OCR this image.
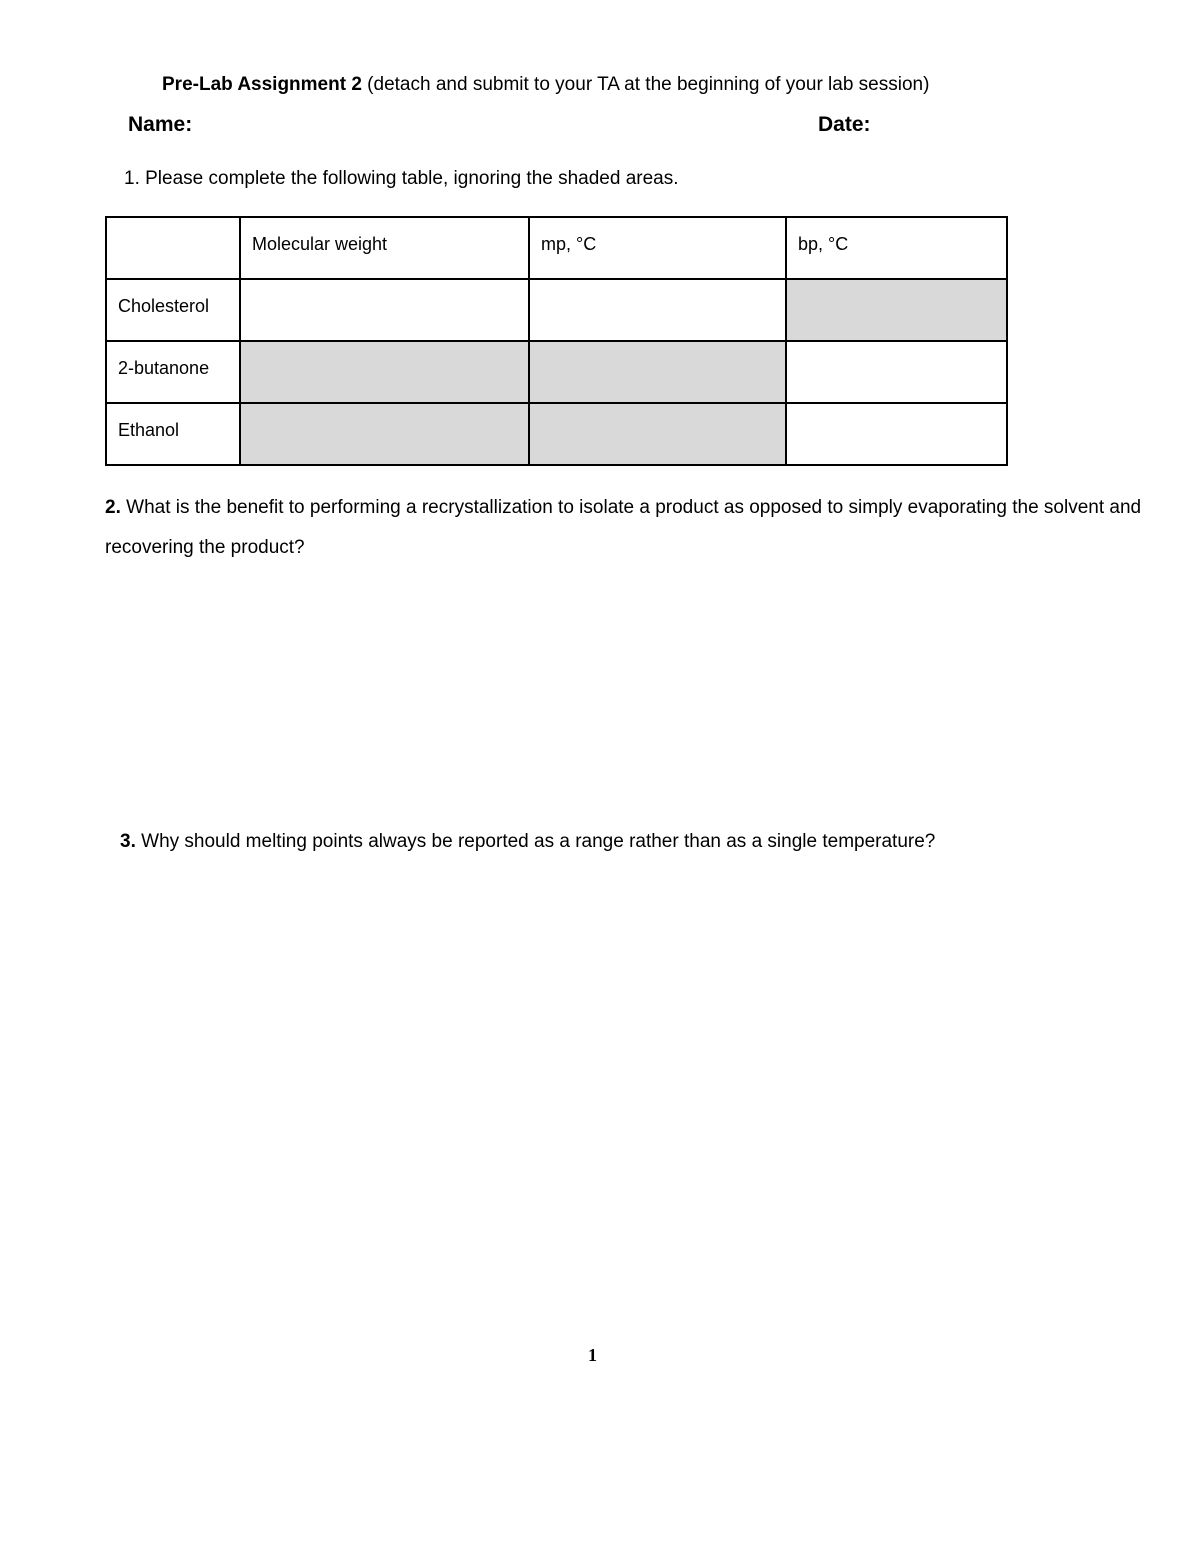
Pre-Lab Assignment 2 (detach and submit to your TA at the beginning of your lab session)
Name:	Date:
1. Please complete the following table, ignoring the shaded areas.

	Molecular weight	mp, °C	bp, °C

Cholesterol			

2-butanone			

Ethanol			

2. What is the benefit to performing a recrystallization to isolate a product as opposed to simply evaporating the solvent and recovering the product?
3. Why should melting points always be reported as a range rather than as a single temperature?
1
